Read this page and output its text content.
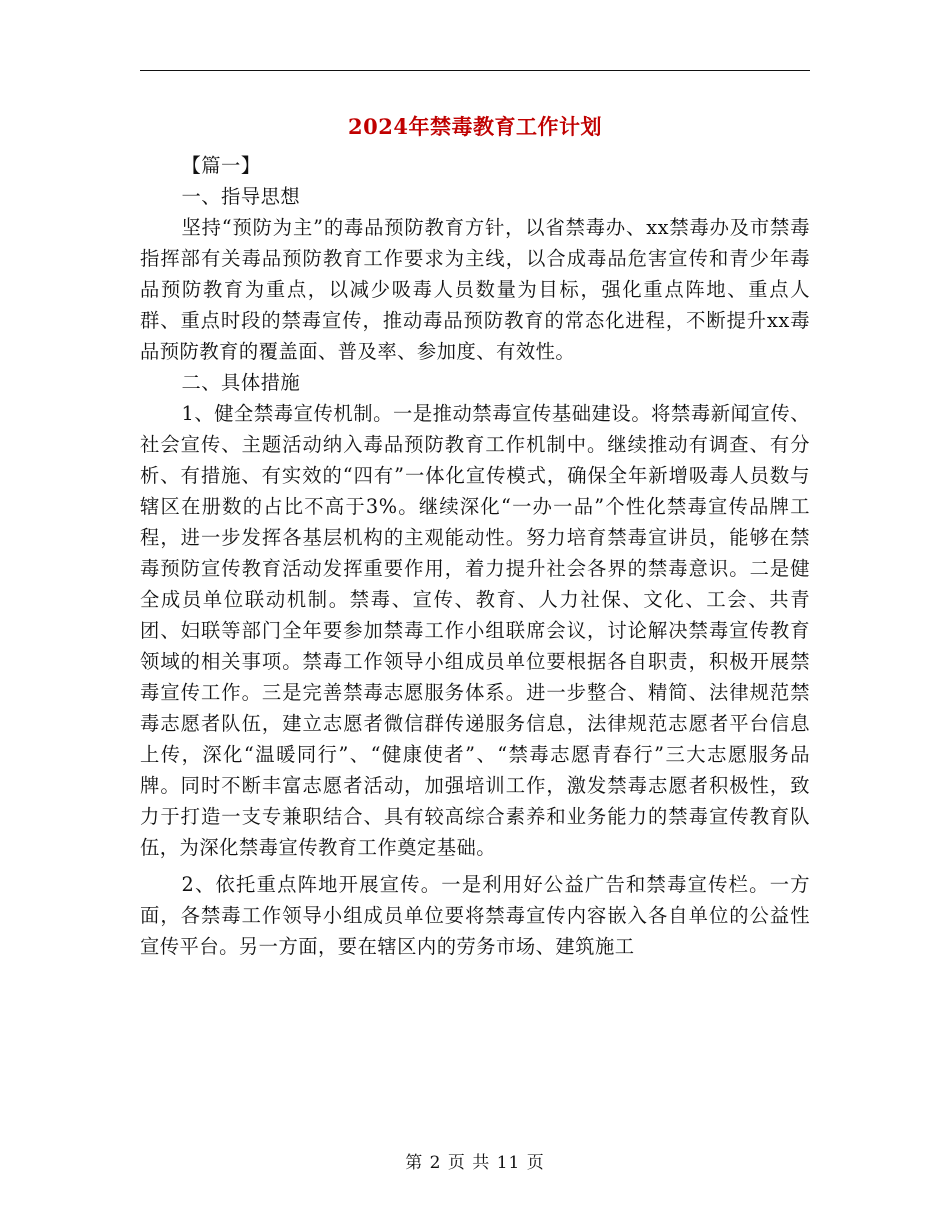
2024年禁毒教育工作计划

【篇一】

一、指导思想

坚持“预防为主”的毒品预防教育方针，以省禁毒办、xx禁毒办及市禁毒指挥部有关毒品预防教育工作要求为主线，以合成毒品危害宣传和青少年毒品预防教育为重点，以减少吸毒人员数量为目标，强化重点阵地、重点人群、重点时段的禁毒宣传，推动毒品预防教育的常态化进程，不断提升xx毒品预防教育的覆盖面、普及率、参加度、有效性。

二、具体措施

1、健全禁毒宣传机制。一是推动禁毒宣传基础建设。将禁毒新闻宣传、社会宣传、主题活动纳入毒品预防教育工作机制中。继续推动有调查、有分析、有措施、有实效的“四有”一体化宣传模式，确保全年新增吸毒人员数与辖区在册数的占比不高于3%。继续深化“一办一品”个性化禁毒宣传品牌工程，进一步发挥各基层机构的主观能动性。努力培育禁毒宣讲员，能够在禁毒预防宣传教育活动发挥重要作用，着力提升社会各界的禁毒意识。二是健全成员单位联动机制。禁毒、宣传、教育、人力社保、文化、工会、共青团、妇联等部门全年要参加禁毒工作小组联席会议，讨论解决禁毒宣传教育领域的相关事项。禁毒工作领导小组成员单位要根据各自职责，积极开展禁毒宣传工作。三是完善禁毒志愿服务体系。进一步整合、精简、法律规范禁毒志愿者队伍，建立志愿者微信群传递服务信息，法律规范志愿者平台信息上传，深化“温暖同行”、“健康使者”、“禁毒志愿青春行”三大志愿服务品牌。同时不断丰富志愿者活动，加强培训工作，激发禁毒志愿者积极性，致力于打造一支专兼职结合、具有较高综合素养和业务能力的禁毒宣传教育队伍，为深化禁毒宣传教育工作奠定基础。

2、依托重点阵地开展宣传。一是利用好公益广告和禁毒宣传栏。一方面，各禁毒工作领导小组成员单位要将禁毒宣传内容嵌入各自单位的公益性宣传平台。另一方面，要在辖区内的劳务市场、建筑施工

第 2 页 共 11 页
